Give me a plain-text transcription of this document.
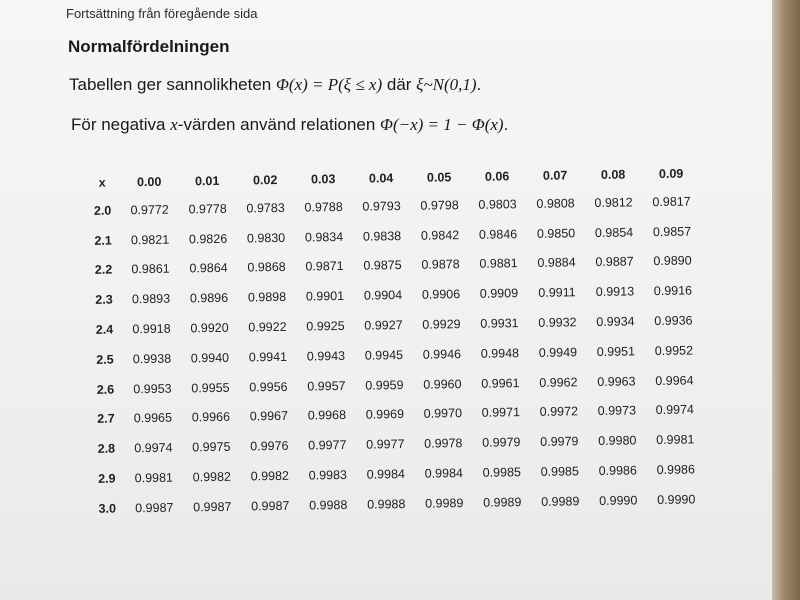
Fortsättning från föregående sida
Normalfördelningen
Tabellen ger sannolikheten Φ(x) = P(ξ ≤ x) där ξ~N(0,1).
För negativa x-värden använd relationen Φ(−x) = 1 − Φ(x).
x	0.00	0.01	0.02	0.03	0.04	0.05	0.06	0.07	0.08	0.09
2.0	0.9772	0.9778	0.9783	0.9788	0.9793	0.9798	0.9803	0.9808	0.9812	0.9817
2.1	0.9821	0.9826	0.9830	0.9834	0.9838	0.9842	0.9846	0.9850	0.9854	0.9857
2.2	0.9861	0.9864	0.9868	0.9871	0.9875	0.9878	0.9881	0.9884	0.9887	0.9890
2.3	0.9893	0.9896	0.9898	0.9901	0.9904	0.9906	0.9909	0.9911	0.9913	0.9916
2.4	0.9918	0.9920	0.9922	0.9925	0.9927	0.9929	0.9931	0.9932	0.9934	0.9936
2.5	0.9938	0.9940	0.9941	0.9943	0.9945	0.9946	0.9948	0.9949	0.9951	0.9952
2.6	0.9953	0.9955	0.9956	0.9957	0.9959	0.9960	0.9961	0.9962	0.9963	0.9964
2.7	0.9965	0.9966	0.9967	0.9968	0.9969	0.9970	0.9971	0.9972	0.9973	0.9974
2.8	0.9974	0.9975	0.9976	0.9977	0.9977	0.9978	0.9979	0.9979	0.9980	0.9981
2.9	0.9981	0.9982	0.9982	0.9983	0.9984	0.9984	0.9985	0.9985	0.9986	0.9986
3.0	0.9987	0.9987	0.9987	0.9988	0.9988	0.9989	0.9989	0.9989	0.9990	0.9990
